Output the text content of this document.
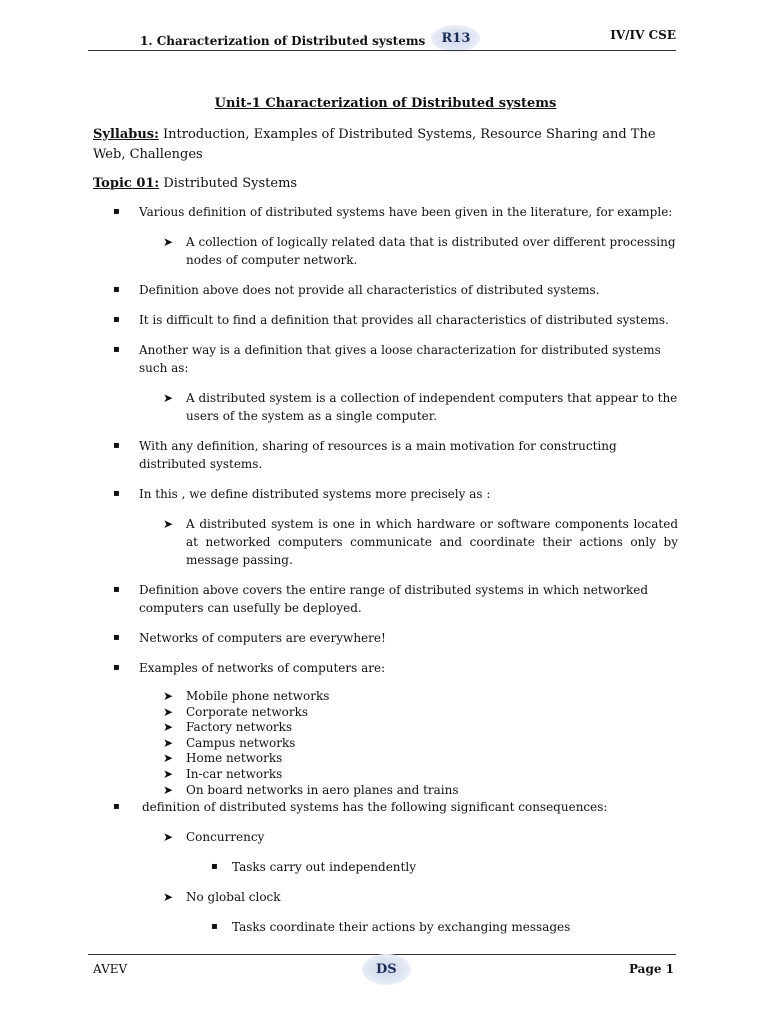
1. Characterization of Distributed systems R13	IV/IV CSE
Unit-1 Characterization of Distributed systems
Syllabus: Introduction, Examples of Distributed Systems, Resource Sharing and The Web, Challenges
Topic 01: Distributed Systems
▪ Various definition of distributed systems have been given in the literature, for example:
➤ A collection of logically related data that is distributed over different processing nodes of computer network.
▪ Definition above does not provide all characteristics of distributed systems.
▪ It is difficult to find a definition that provides all characteristics of distributed systems.
▪ Another way is a definition that gives a loose characterization for distributed systems such as:
➤ A distributed system is a collection of independent computers that appear to the users of the system as a single computer.
▪ With any definition, sharing of resources is a main motivation for constructing distributed systems.
▪ In this , we define distributed systems more precisely as :
➤ A distributed system is one in which hardware or software components located at networked computers communicate and coordinate their actions only by message passing.
▪ Definition above covers the entire range of distributed systems in which networked computers can usefully be deployed.
▪ Networks of computers are everywhere!
▪ Examples of networks of computers are:
➤ Mobile phone networks
➤ Corporate networks
➤ Factory networks
➤ Campus networks
➤ Home networks
➤ In-car networks
➤ On board networks in aero planes and trains
▪ definition of distributed systems has the following significant consequences:
➤ Concurrency
▪ Tasks carry out independently
➤ No global clock
▪ Tasks coordinate their actions by exchanging messages
AVEV	DS	Page 1
